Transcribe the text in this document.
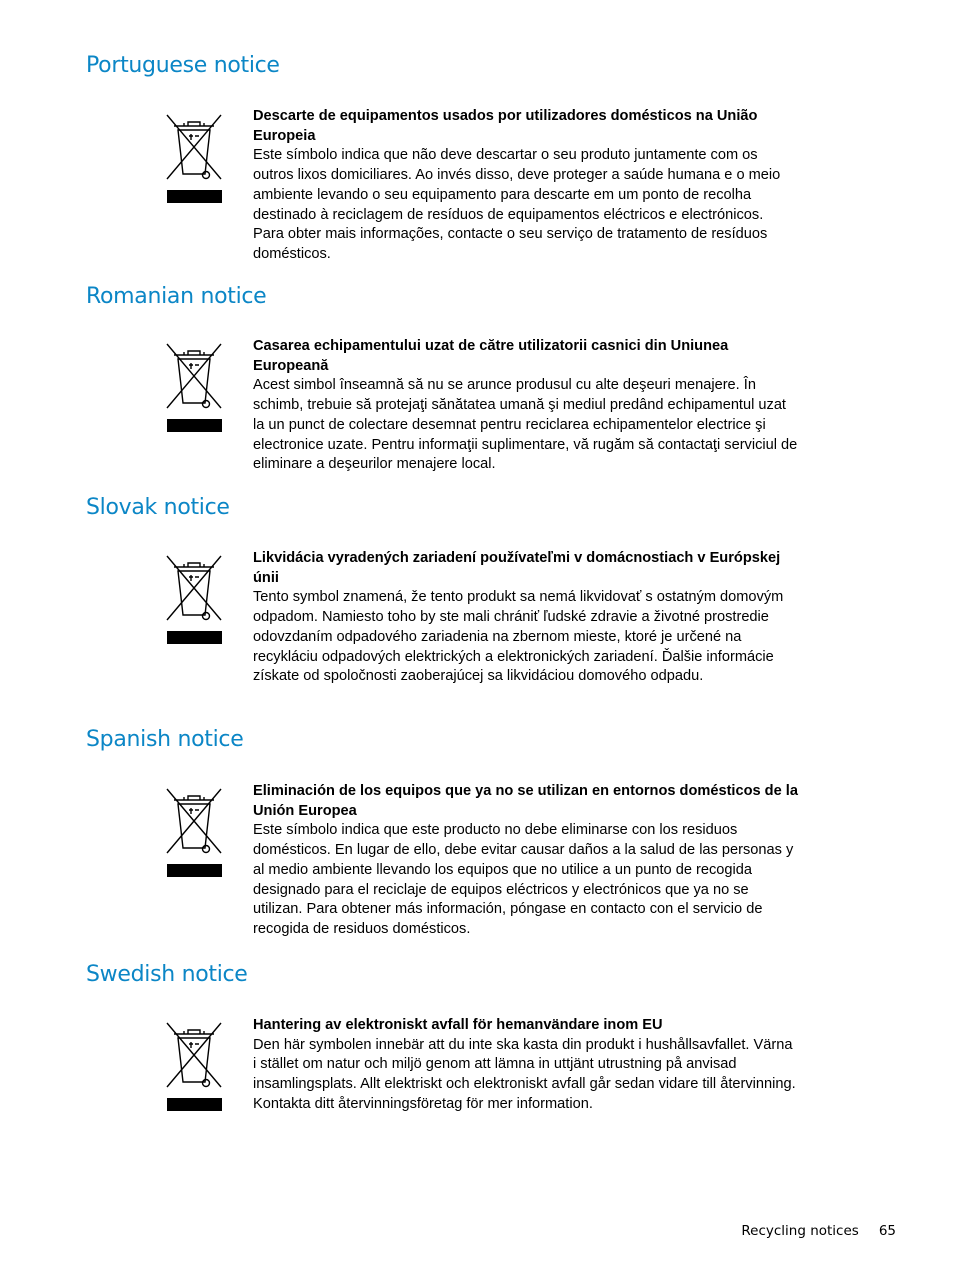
Portuguese notice
Descarte de equipamentos usados por utilizadores domésticos na União Europeia
Este símbolo indica que não deve descartar o seu produto juntamente com os outros lixos domiciliares. Ao invés disso, deve proteger a saúde humana e o meio ambiente levando o seu equipamento para descarte em um ponto de recolha destinado à reciclagem de resíduos de equipamentos eléctricos e electrónicos. Para obter mais informações, contacte o seu serviço de tratamento de resíduos domésticos.
Romanian notice
Casarea echipamentului uzat de către utilizatorii casnici din Uniunea Europeană
Acest simbol înseamnă să nu se arunce produsul cu alte deşeuri menajere. În schimb, trebuie să protejaţi sănătatea umană şi mediul predând echipamentul uzat la un punct de colectare desemnat pentru reciclarea echipamentelor electrice şi electronice uzate. Pentru informaţii suplimentare, vă rugăm să contactaţi serviciul de eliminare a deşeurilor menajere local.
Slovak notice
Likvidácia vyradených zariadení používateľmi v domácnostiach v Európskej únii
Tento symbol znamená, že tento produkt sa nemá likvidovať s ostatným domovým odpadom. Namiesto toho by ste mali chrániť ľudské zdravie a životné prostredie odovzdaním odpadového zariadenia na zbernom mieste, ktoré je určené na recykláciu odpadových elektrických a elektronických zariadení. Ďalšie informácie získate od spoločnosti zaoberajúcej sa likvidáciou domového odpadu.
Spanish notice
Eliminación de los equipos que ya no se utilizan en entornos domésticos de la Unión Europea
Este símbolo indica que este producto no debe eliminarse con los residuos domésticos. En lugar de ello, debe evitar causar daños a la salud de las personas y al medio ambiente llevando los equipos que no utilice a un punto de recogida designado para el reciclaje de equipos eléctricos y electrónicos que ya no se utilizan. Para obtener más información, póngase en contacto con el servicio de recogida de residuos domésticos.
Swedish notice
Hantering av elektroniskt avfall för hemanvändare inom EU
Den här symbolen innebär att du inte ska kasta din produkt i hushållsavfallet. Värna i stället om natur och miljö genom att lämna in uttjänt utrustning på anvisad insamlingsplats. Allt elektriskt och elektroniskt avfall går sedan vidare till återvinning. Kontakta ditt återvinningsföretag för mer information.
Recycling notices 65
